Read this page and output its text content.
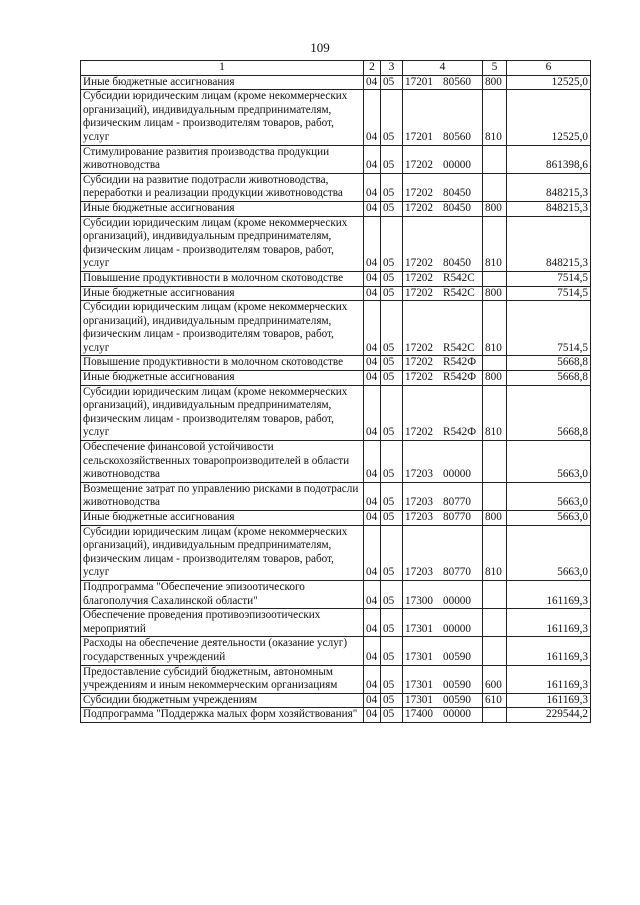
109
1	2	3	4	5	6
Иные бюджетные ассигнования	04	05	17201 80560	800	12525,0
Субсидии юридическим лицам (кроме некоммерческих организаций), индивидуальным предпринимателям, физическим лицам - производителям товаров, работ, услуг	04	05	17201 80560	810	12525,0
Стимулирование развития производства продукции животноводства	04	05	17202 00000		861398,6
Субсидии на развитие подотрасли животноводства, переработки и реализации продукции животноводства	04	05	17202 80450		848215,3
Иные бюджетные ассигнования	04	05	17202 80450	800	848215,3
Субсидии юридическим лицам (кроме некоммерческих организаций), индивидуальным предпринимателям, физическим лицам - производителям товаров, работ, услуг	04	05	17202 80450	810	848215,3
Повышение продуктивности в молочном скотоводстве	04	05	17202 R542C		7514,5
Иные бюджетные ассигнования	04	05	17202 R542C	800	7514,5
Субсидии юридическим лицам (кроме некоммерческих организаций), индивидуальным предпринимателям, физическим лицам - производителям товаров, работ, услуг	04	05	17202 R542C	810	7514,5
Повышение продуктивности в молочном скотоводстве	04	05	17202 R542Ф		5668,8
Иные бюджетные ассигнования	04	05	17202 R542Ф	800	5668,8
Субсидии юридическим лицам (кроме некоммерческих организаций), индивидуальным предпринимателям, физическим лицам - производителям товаров, работ, услуг	04	05	17202 R542Ф	810	5668,8
Обеспечение финансовой устойчивости сельскохозяйственных товаропроизводителей в области животноводства	04	05	17203 00000		5663,0
Возмещение затрат по управлению рисками в подотрасли животноводства	04	05	17203 80770		5663,0
Иные бюджетные ассигнования	04	05	17203 80770	800	5663,0
Субсидии юридическим лицам (кроме некоммерческих организаций), индивидуальным предпринимателям, физическим лицам - производителям товаров, работ, услуг	04	05	17203 80770	810	5663,0
Подпрограмма "Обеспечение эпизоотического благополучия Сахалинской области"	04	05	17300 00000		161169,3
Обеспечение проведения противоэпизоотических мероприятий	04	05	17301 00000		161169,3
Расходы на обеспечение деятельности (оказание услуг) государственных учреждений	04	05	17301 00590		161169,3
Предоставление субсидий бюджетным, автономным учреждениям и иным некоммерческим организациям	04	05	17301 00590	600	161169,3
Субсидии бюджетным учреждениям	04	05	17301 00590	610	161169,3
Подпрограмма "Поддержка малых форм хозяйствования"	04	05	17400 00000		229544,2
